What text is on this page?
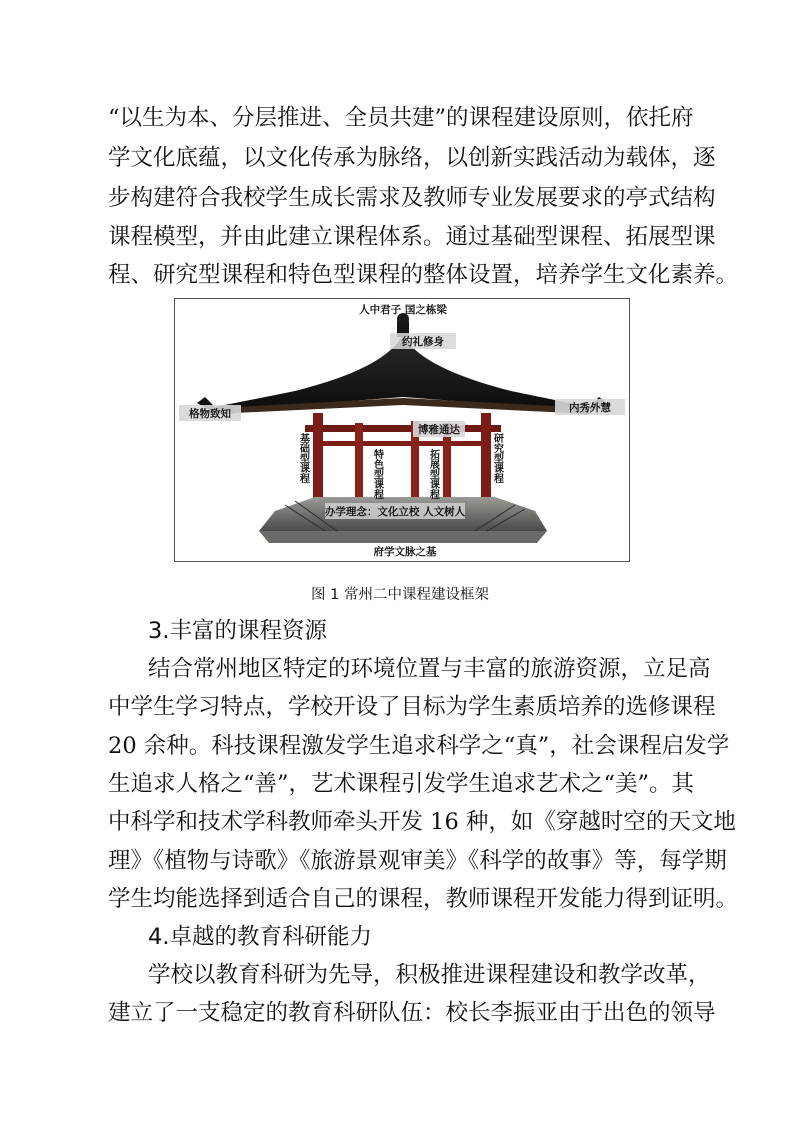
“以生为本、分层推进、全员共建”的课程建设原则，依托府
学文化底蕴，以文化传承为脉络，以创新实践活动为载体，逐
步构建符合我校学生成长需求及教师专业发展要求的亭式结构
课程模型，并由此建立课程体系。通过基础型课程、拓展型课
程、研究型课程和特色型课程的整体设置，培养学生文化素养。
人中君子 国之栋梁
约礼修身
格物致知	内秀外慧
博雅通达
基础型课程	特色型课程	拓展型课程	研究型课程
办学理念：文化立校 人文树人
府学文脉之基
图 1 常州二中课程建设框架
3.丰富的课程资源
结合常州地区特定的环境位置与丰富的旅游资源，立足高
中学生学习特点，学校开设了目标为学生素质培养的选修课程
20 余种。科技课程激发学生追求科学之“真”，社会课程启发学
生追求人格之“善”，艺术课程引发学生追求艺术之“美”。其
中科学和技术学科教师牵头开发 16 种，如《穿越时空的天文地
理》《植物与诗歌》《旅游景观审美》《科学的故事》等，每学期
学生均能选择到适合自己的课程，教师课程开发能力得到证明。
4.卓越的教育科研能力
学校以教育科研为先导，积极推进课程建设和教学改革，
建立了一支稳定的教育科研队伍：校长李振亚由于出色的领导
